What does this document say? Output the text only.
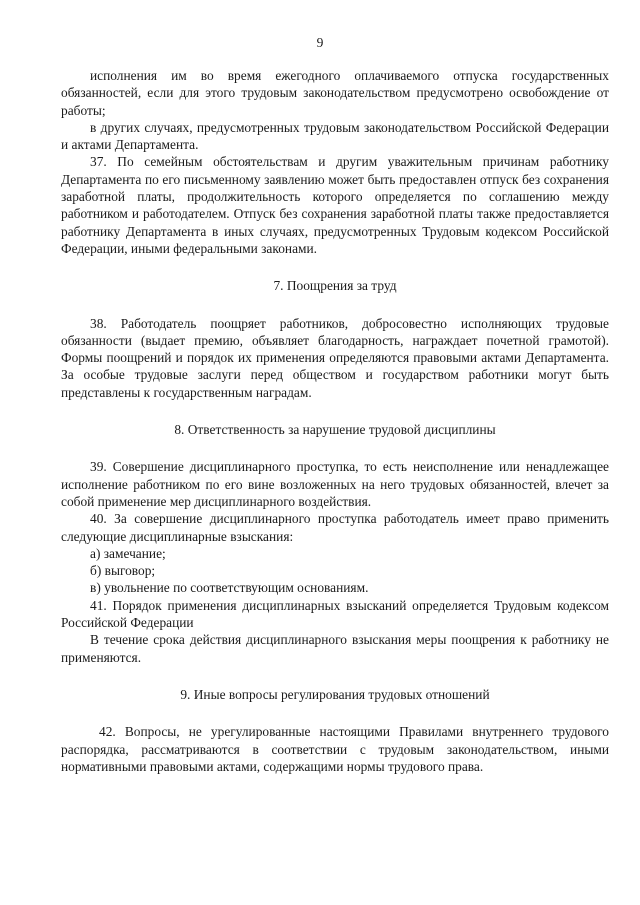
9

исполнения им во время ежегодного оплачиваемого отпуска государственных обязанностей, если для этого трудовым законодательством предусмотрено освобождение от работы;

в других случаях, предусмотренных трудовым законодательством Российской Федерации и актами Департамента.

37. По семейным обстоятельствам и другим уважительным причинам работнику Департамента по его письменному заявлению может быть предоставлен отпуск без сохранения заработной платы, продолжительность которого определяется по соглашению между работником и работодателем. Отпуск без сохранения заработной платы также предоставляется работнику Департамента в иных случаях, предусмотренных Трудовым кодексом Российской Федерации, иными федеральными законами.

7. Поощрения за труд

38. Работодатель поощряет работников, добросовестно исполняющих трудовые обязанности (выдает премию, объявляет благодарность, награждает почетной грамотой). Формы поощрений и порядок их применения определяются правовыми актами Департамента. За особые трудовые заслуги перед обществом и государством работники могут быть представлены к государственным наградам.

8. Ответственность за нарушение трудовой дисциплины

39. Совершение дисциплинарного проступка, то есть неисполнение или ненадлежащее исполнение работником по его вине возложенных на него трудовых обязанностей, влечет за собой применение мер дисциплинарного воздействия.

40. За совершение дисциплинарного проступка работодатель имеет право применить следующие дисциплинарные взыскания:

а) замечание;

б) выговор;

в) увольнение по соответствующим основаниям.

41. Порядок применения дисциплинарных взысканий определяется Трудовым кодексом Российской Федерации

В течение срока действия дисциплинарного взыскания меры поощрения к работнику не применяются.

9. Иные вопросы регулирования трудовых отношений

42. Вопросы, не урегулированные настоящими Правилами внутреннего трудового распорядка, рассматриваются в соответствии с трудовым законодательством, иными нормативными правовыми актами, содержащими нормы трудового права.
